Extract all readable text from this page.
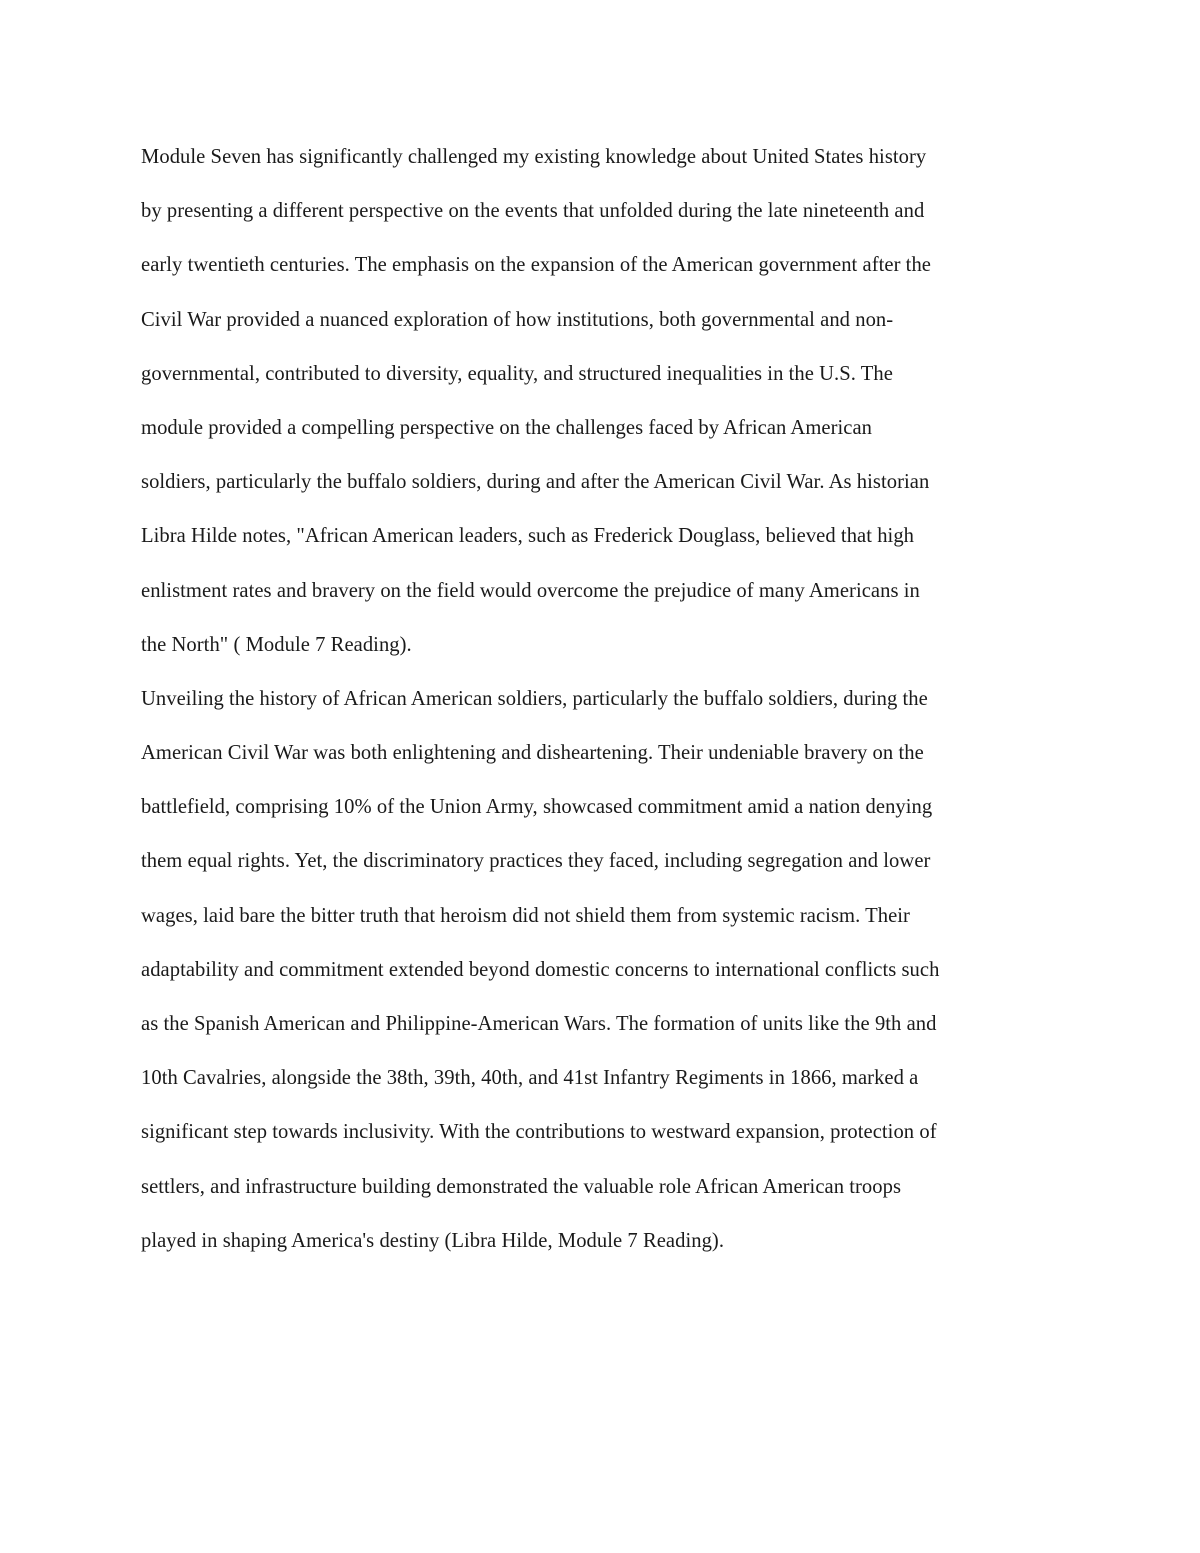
Module Seven has significantly challenged my existing knowledge about United States history
by presenting a different perspective on the events that unfolded during the late nineteenth and
early twentieth centuries. The emphasis on the expansion of the American government after the
Civil War provided a nuanced exploration of how institutions, both governmental and non-
governmental, contributed to diversity, equality, and structured inequalities in the U.S. The
module provided a compelling perspective on the challenges faced by African American
soldiers, particularly the buffalo soldiers, during and after the American Civil War. As historian
Libra Hilde notes, "African American leaders, such as Frederick Douglass, believed that high
enlistment rates and bravery on the field would overcome the prejudice of many Americans in
the North" ( Module 7 Reading).
Unveiling the history of African American soldiers, particularly the buffalo soldiers, during the
American Civil War was both enlightening and disheartening. Their undeniable bravery on the
battlefield, comprising 10% of the Union Army, showcased commitment amid a nation denying
them equal rights. Yet, the discriminatory practices they faced, including segregation and lower
wages, laid bare the bitter truth that heroism did not shield them from systemic racism. Their
adaptability and commitment extended beyond domestic concerns to international conflicts such
as the Spanish American and Philippine-American Wars. The formation of units like the 9th and
10th Cavalries, alongside the 38th, 39th, 40th, and 41st Infantry Regiments in 1866, marked a
significant step towards inclusivity. With the contributions to westward expansion, protection of
settlers, and infrastructure building demonstrated the valuable role African American troops
played in shaping America's destiny (Libra Hilde, Module 7 Reading).
